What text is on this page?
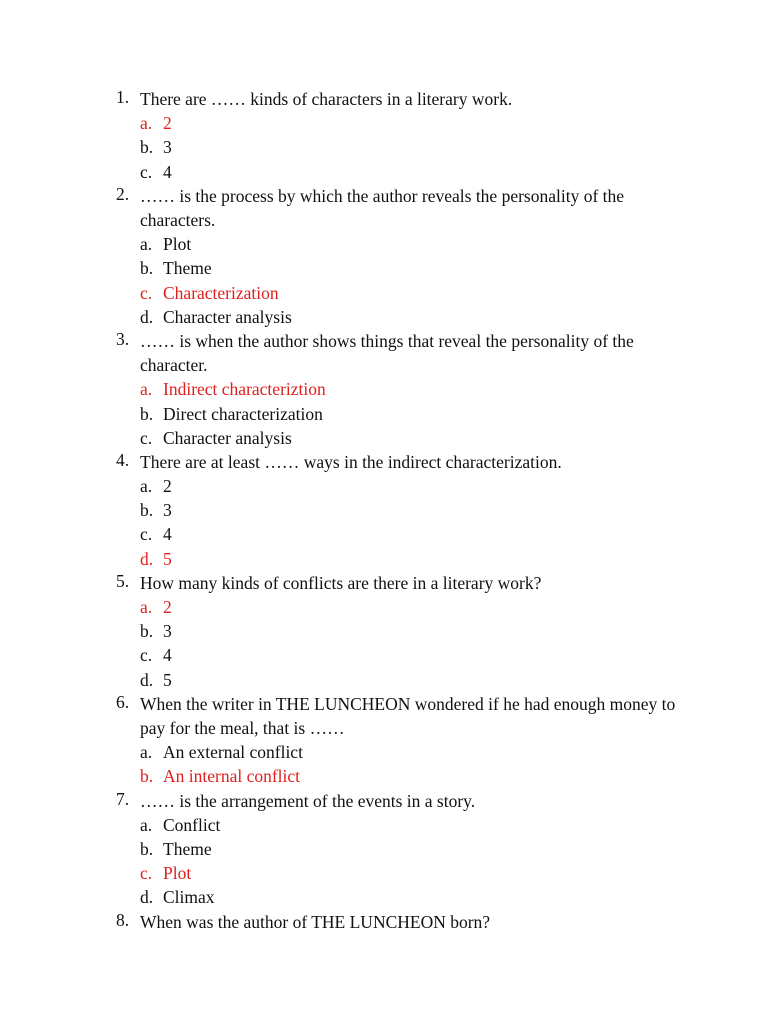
1. There are …… kinds of characters in a literary work.
a. 2
b. 3
c. 4
2. …… is the process by which the author reveals the personality of the characters.
a. Plot
b. Theme
c. Characterization
d. Character analysis
3. …… is when the author shows things that reveal the personality of the character.
a. Indirect characteriztion
b. Direct characterization
c. Character analysis
4. There are at least …… ways in the indirect characterization.
a. 2
b. 3
c. 4
d. 5
5. How many kinds of conflicts are there in a literary work?
a. 2
b. 3
c. 4
d. 5
6. When the writer in THE LUNCHEON wondered if he had enough money to pay for the meal, that is ……
a. An external conflict
b. An internal conflict
7. …… is the arrangement of the events in a story.
a. Conflict
b. Theme
c. Plot
d. Climax
8. When was the author of THE LUNCHEON born?
